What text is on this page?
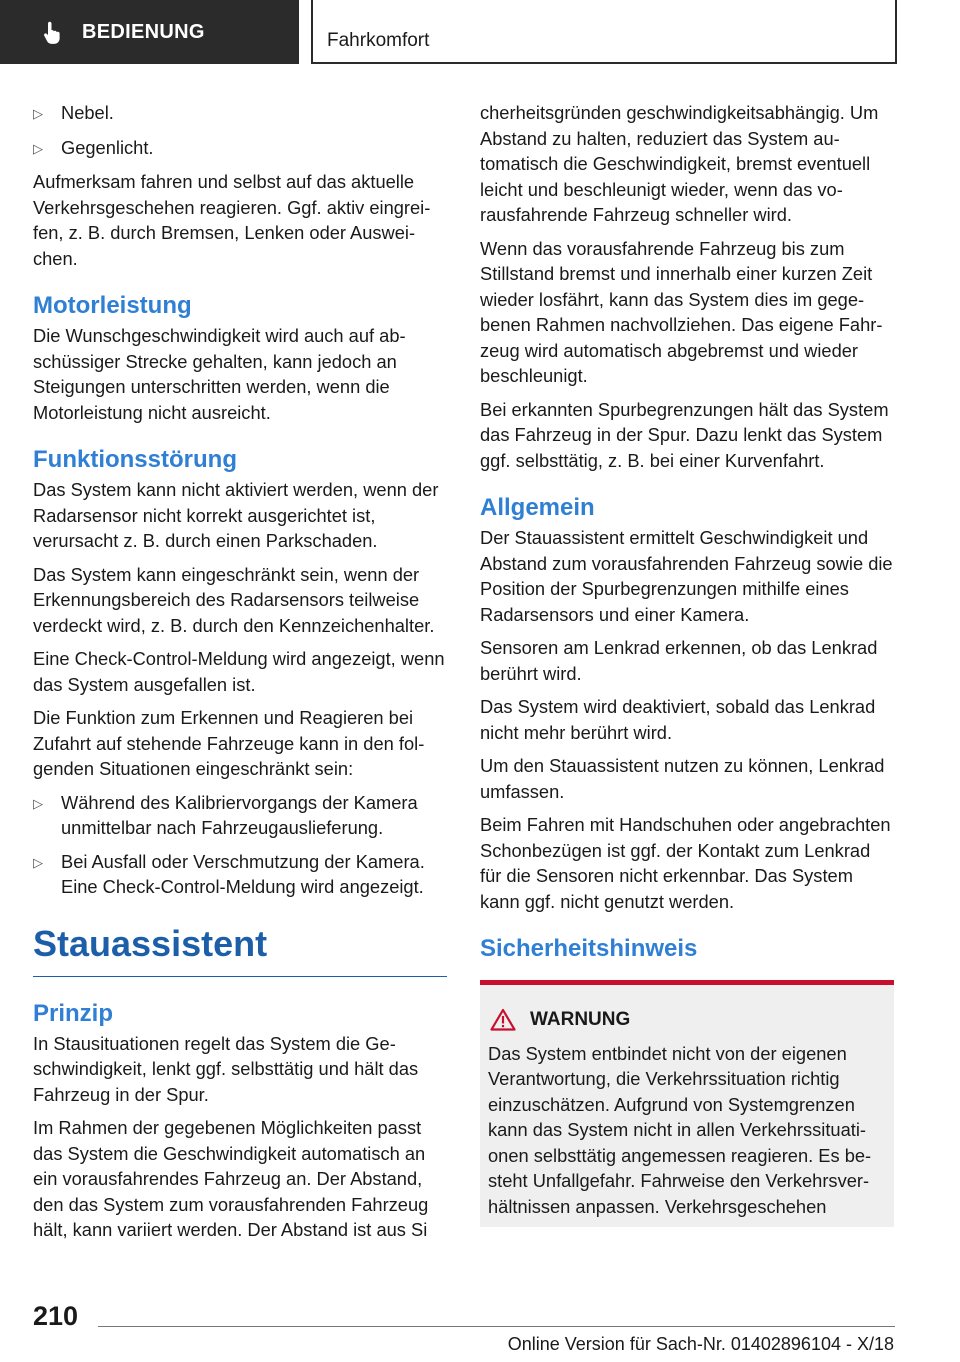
BEDIENUNG	Fahrkomfort
▷ Nebel.
▷ Gegenlicht.

Aufmerksam fahren und selbst auf das aktuelle Verkehrsgeschehen reagieren. Ggf. aktiv eingreifen, z. B. durch Bremsen, Lenken oder Ausweichen.

Motorleistung

Die Wunschgeschwindigkeit wird auch auf abschüssiger Strecke gehalten, kann jedoch an Steigungen unterschritten werden, wenn die Motorleistung nicht ausreicht.

Funktionsstörung

Das System kann nicht aktiviert werden, wenn der Radarsensor nicht korrekt ausgerichtet ist, verursacht z. B. durch einen Parkschaden.

Das System kann eingeschränkt sein, wenn der Erkennungsbereich des Radarsensors teilweise verdeckt wird, z. B. durch den Kennzeichenhalter.

Eine Check-Control-Meldung wird angezeigt, wenn das System ausgefallen ist.

Die Funktion zum Erkennen und Reagieren bei Zufahrt auf stehende Fahrzeuge kann in den folgenden Situationen eingeschränkt sein:

▷ Während des Kalibriervorgangs der Kamera unmittelbar nach Fahrzeugauslieferung.
▷ Bei Ausfall oder Verschmutzung der Kamera. Eine Check-Control-Meldung wird angezeigt.
Stauassistent
Prinzip

In Stausituationen regelt das System die Geschwindigkeit, lenkt ggf. selbsttätig und hält das Fahrzeug in der Spur.

Im Rahmen der gegebenen Möglichkeiten passt das System die Geschwindigkeit automatisch an ein vorausfahrendes Fahrzeug an. Der Abstand, den das System zum vorausfahrenden Fahrzeug hält, kann variiert werden. Der Abstand ist aus Si

cherheitsgründen geschwindigkeitsabhängig. Um Abstand zu halten, reduziert das System automatisch die Geschwindigkeit, bremst eventuell leicht und beschleunigt wieder, wenn das vorausfahrende Fahrzeug schneller wird.

Wenn das vorausfahrende Fahrzeug bis zum Stillstand bremst und innerhalb einer kurzen Zeit wieder losfährt, kann das System dies im gegebenen Rahmen nachvollziehen. Das eigene Fahrzeug wird automatisch abgebremst und wieder beschleunigt.

Bei erkannten Spurbegrenzungen hält das System das Fahrzeug in der Spur. Dazu lenkt das System ggf. selbsttätig, z. B. bei einer Kurvenfahrt.

Allgemein

Der Stauassistent ermittelt Geschwindigkeit und Abstand zum vorausfahrenden Fahrzeug sowie die Position der Spurbegrenzungen mithilfe eines Radarsensors und einer Kamera.

Sensoren am Lenkrad erkennen, ob das Lenkrad berührt wird.

Das System wird deaktiviert, sobald das Lenkrad nicht mehr berührt wird.

Um den Stauassistent nutzen zu können, Lenkrad umfassen.

Beim Fahren mit Handschuhen oder angebrachten Schonbezügen ist ggf. der Kontakt zum Lenkrad für die Sensoren nicht erkennbar. Das System kann ggf. nicht genutzt werden.

Sicherheitshinweis
WARNUNG

Das System entbindet nicht von der eigenen Verantwortung, die Verkehrssituation richtig einzuschätzen. Aufgrund von Systemgrenzen kann das System nicht in allen Verkehrssituationen selbsttätig angemessen reagieren. Es besteht Unfallgefahr. Fahrweise den Verkehrsverhältnissen anpassen. Verkehrsgeschehen

210
Online Version für Sach-Nr. 01402896104 - X/18
